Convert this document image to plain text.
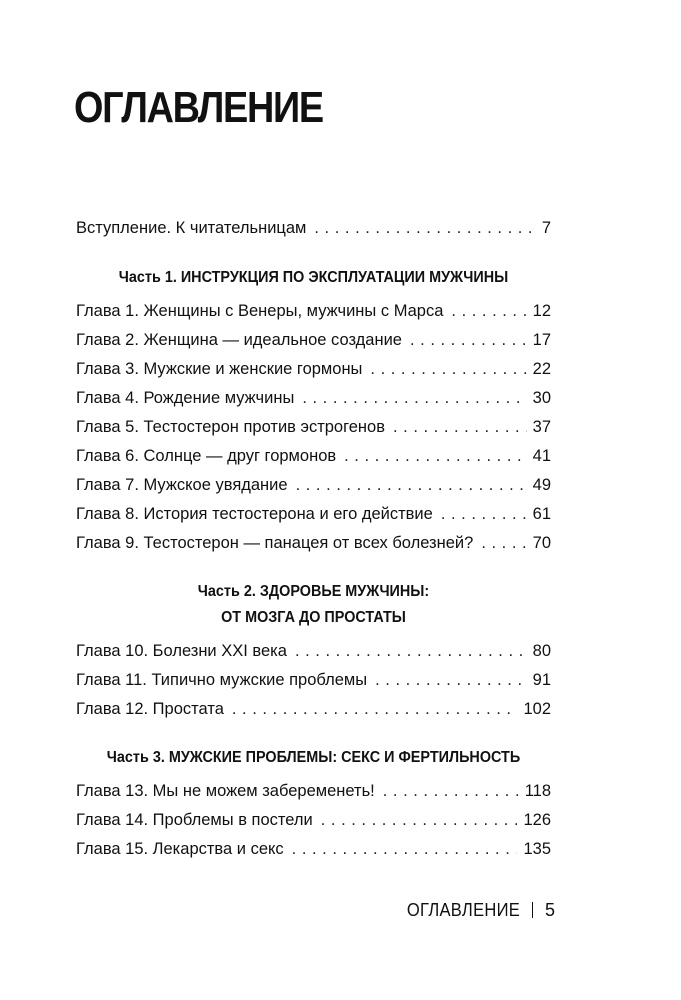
ОГЛАВЛЕНИЕ
Вступление. К читательницам . . .	7
Часть 1. ИНСТРУКЦИЯ ПО ЭКСПЛУАТАЦИИ МУЖЧИНЫ
Глава 1. Женщины с Венеры, мужчины с Марса . . .	12
Глава 2. Женщина — идеальное создание . . .	17
Глава 3. Мужские и женские гормоны . . .	22
Глава 4. Рождение мужчины . . .	30
Глава 5. Тестостерон против эстрогенов . . .	37
Глава 6. Солнце — друг гормонов . . .	41
Глава 7. Мужское увядание . . .	49
Глава 8. История тестостерона и его действие . . .	61
Глава 9. Тестостерон — панацея от всех болезней? . . .	70
Часть 2. ЗДОРОВЬЕ МУЖЧИНЫ:
ОТ МОЗГА ДО ПРОСТАТЫ
Глава 10. Болезни XXI века . . .	80
Глава 11. Типично мужские проблемы . . .	91
Глава 12. Простата . . .	102
Часть 3. МУЖСКИЕ ПРОБЛЕМЫ: СЕКС И ФЕРТИЛЬНОСТЬ
Глава 13. Мы не можем забеременеть! . . .	118
Глава 14. Проблемы в постели . . .	126
Глава 15. Лекарства и секс . . .	135
ОГЛАВЛЕНИЕ 5
